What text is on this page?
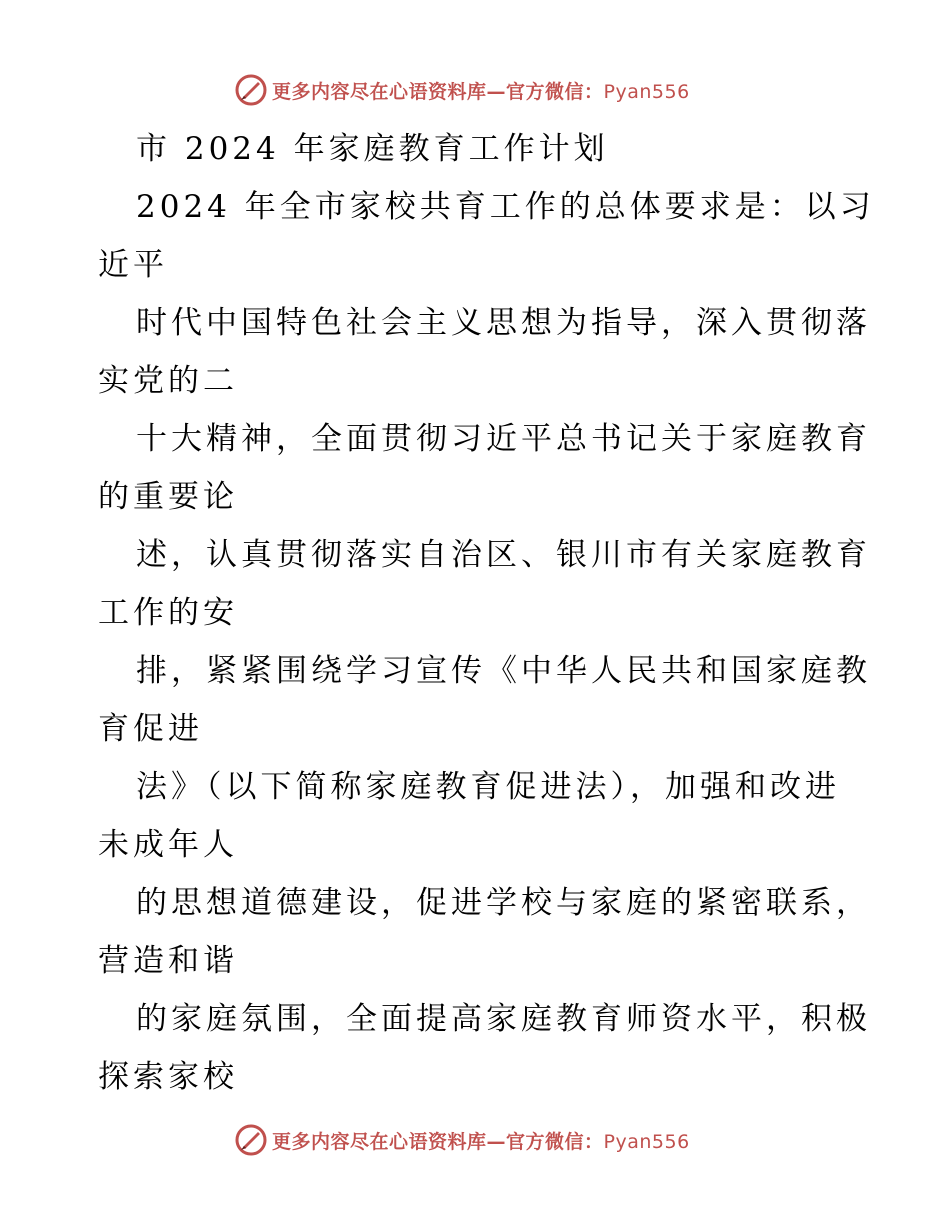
更多内容尽在心语资料库—官方微信：Pyan556
市 2024 年家庭教育工作计划
2024 年全市家校共育工作的总体要求是：以习
近平
时代中国特色社会主义思想为指导，深入贯彻落
实党的二
十大精神，全面贯彻习近平总书记关于家庭教育
的重要论
述，认真贯彻落实自治区、银川市有关家庭教育
工作的安
排，紧紧围绕学习宣传《中华人民共和国家庭教
育促进
法》（以下简称家庭教育促进法），加强和改进
未成年人
的思想道德建设，促进学校与家庭的紧密联系，
营造和谐
的家庭氛围，全面提高家庭教育师资水平，积极
探索家校
更多内容尽在心语资料库—官方微信：Pyan556
